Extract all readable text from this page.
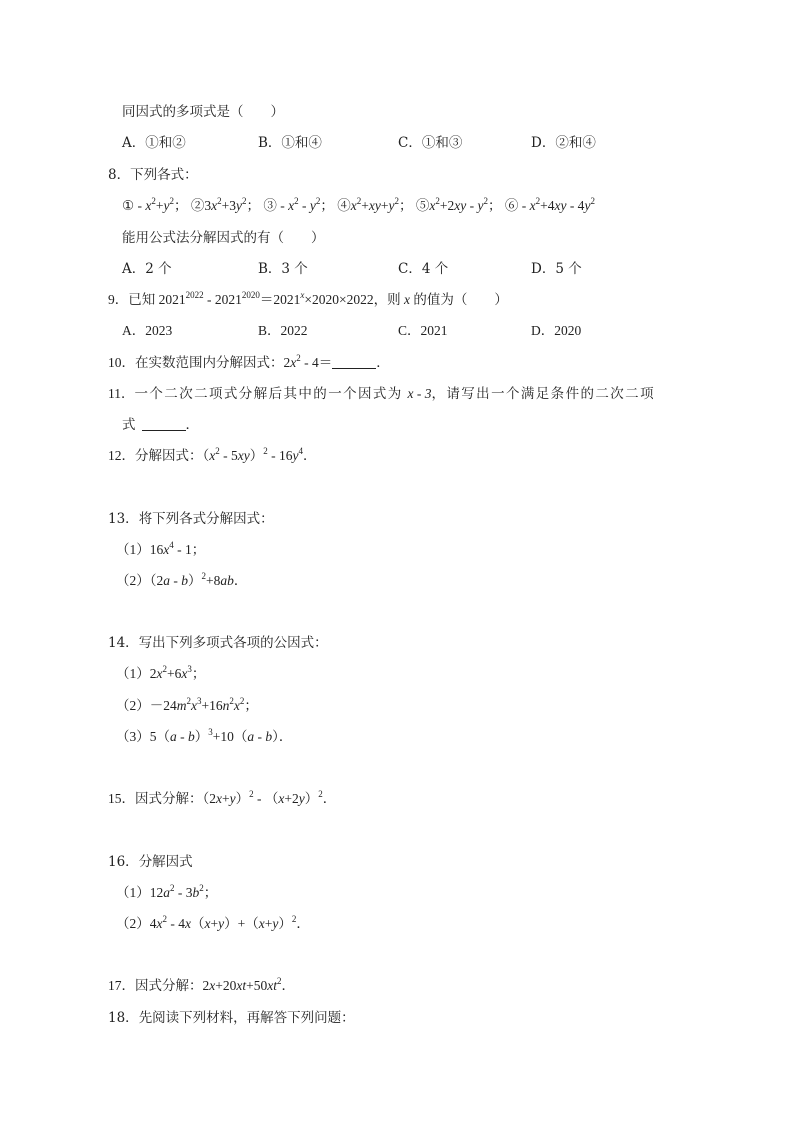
同因式的多项式是（　　）
A．①和②	B．①和④	C．①和③	D．②和④
8．下列各式：
① - $x^2+y^2$； $②3x^2+3y^2$； ③ - $x^2 - y^2$； $④x^2+xy+y^2$； $⑤x^2+2xy - y^2$； ⑥ - $x^2+4xy - 4y^2$
能用公式法分解因式的有（　　）
A．2 个	B．3 个	C．4 个	D．5 个
9．已知 $2021^{2022} - 2021^{2020}=2021^x\times 2020\times 2022$，则 x 的值为（　　）
A．2023	B．2022	C．2021	D．2020
10．在实数范围内分解因式：$2x^2 - 4=$	．
11．一个二次二项式分解后其中的一个因式为 x - 3，请写出一个满足条件的二次二项
式	．
12．分解因式：$(x^2 - 5xy)^2 - 16y^4$．
13．将下列各式分解因式：
$(1)16x^4 - 1$；
（2）（2a - b）$^2$+8ab．
14．写出下列多项式各项的公因式：
$(1)2x^2+6x^3$；
$(2)-24m^2x^3+16n^2x^2$；
（3）5（a - b）$^3$+10（a - b）．
15．因式分解：$(2x+y)^2 - (x+2y)^2$．
16．分解因式
$(1)12a^2 - 3b^2$；
$(2)4x^2 - 4x(x+y)+(x+y)^2$．
17．因式分解：$2x+20xt+50xt^2$．
18．先阅读下列材料，再解答下列问题：
